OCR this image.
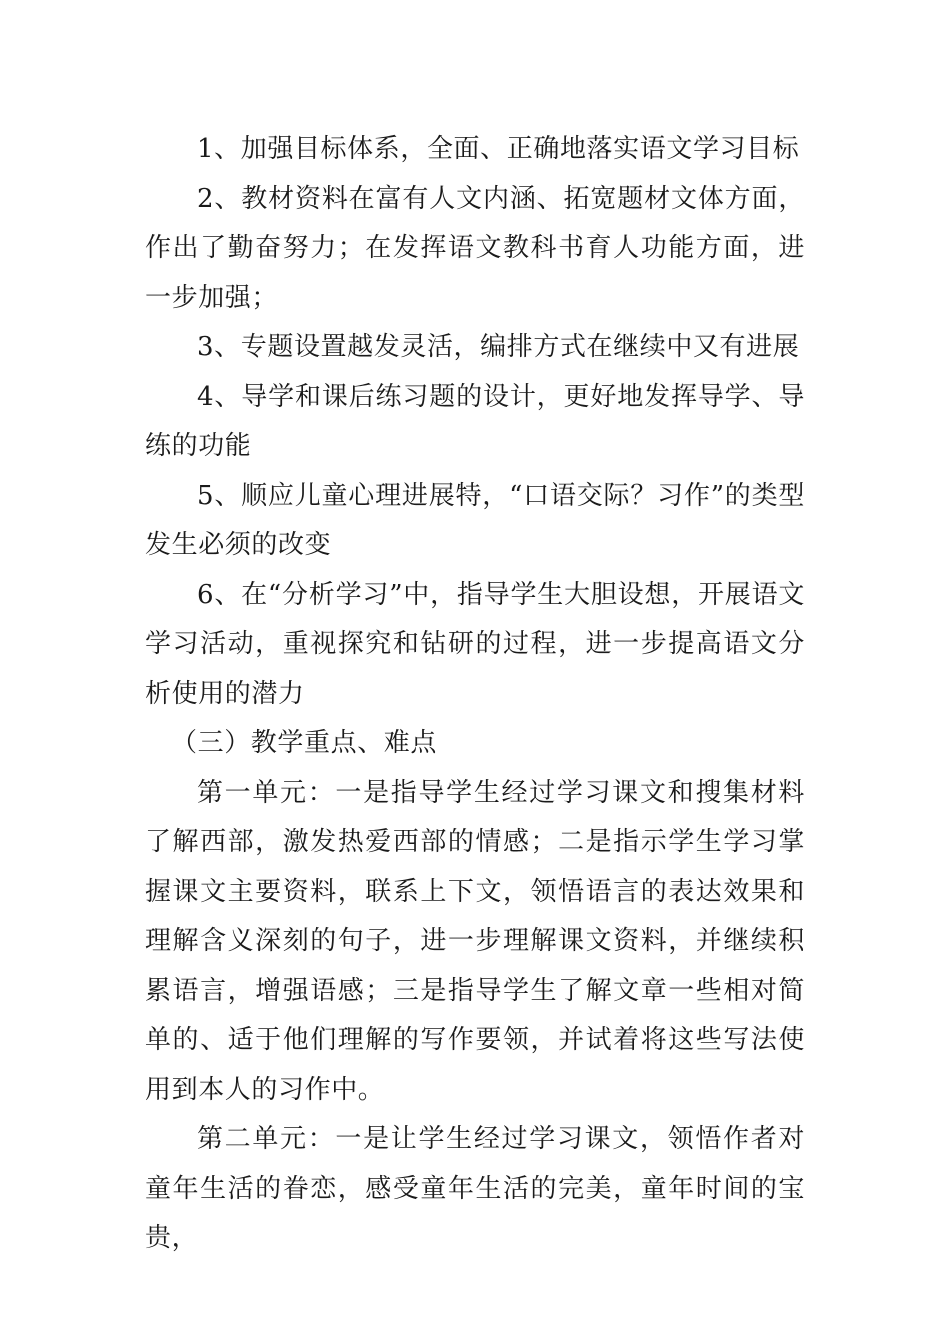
1、加强目标体系，全面、正确地落实语文学习目标

2、教材资料在富有人文内涵、拓宽题材文体方面，作出了勤奋努力；在发挥语文教科书育人功能方面，进一步加强；

3、专题设置越发灵活，编排方式在继续中又有进展

4、导学和课后练习题的设计，更好地发挥导学、导练的功能

5、顺应儿童心理进展特，“口语交际？习作”的类型发生必须的改变

6、在“分析学习”中，指导学生大胆设想，开展语文学习活动，重视探究和钻研的过程，进一步提高语文分析使用的潜力

（三）教学重点、难点

第一单元：一是指导学生经过学习课文和搜集材料了解西部，激发热爱西部的情感；二是指示学生学习掌握课文主要资料，联系上下文，领悟语言的表达效果和理解含义深刻的句子，进一步理解课文资料，并继续积累语言，增强语感；三是指导学生了解文章一些相对简单的、适于他们理解的写作要领，并试着将这些写法使用到本人的习作中。

第二单元：一是让学生经过学习课文，领悟作者对童年生活的眷恋，感受童年生活的完美，童年时间的宝贵，
